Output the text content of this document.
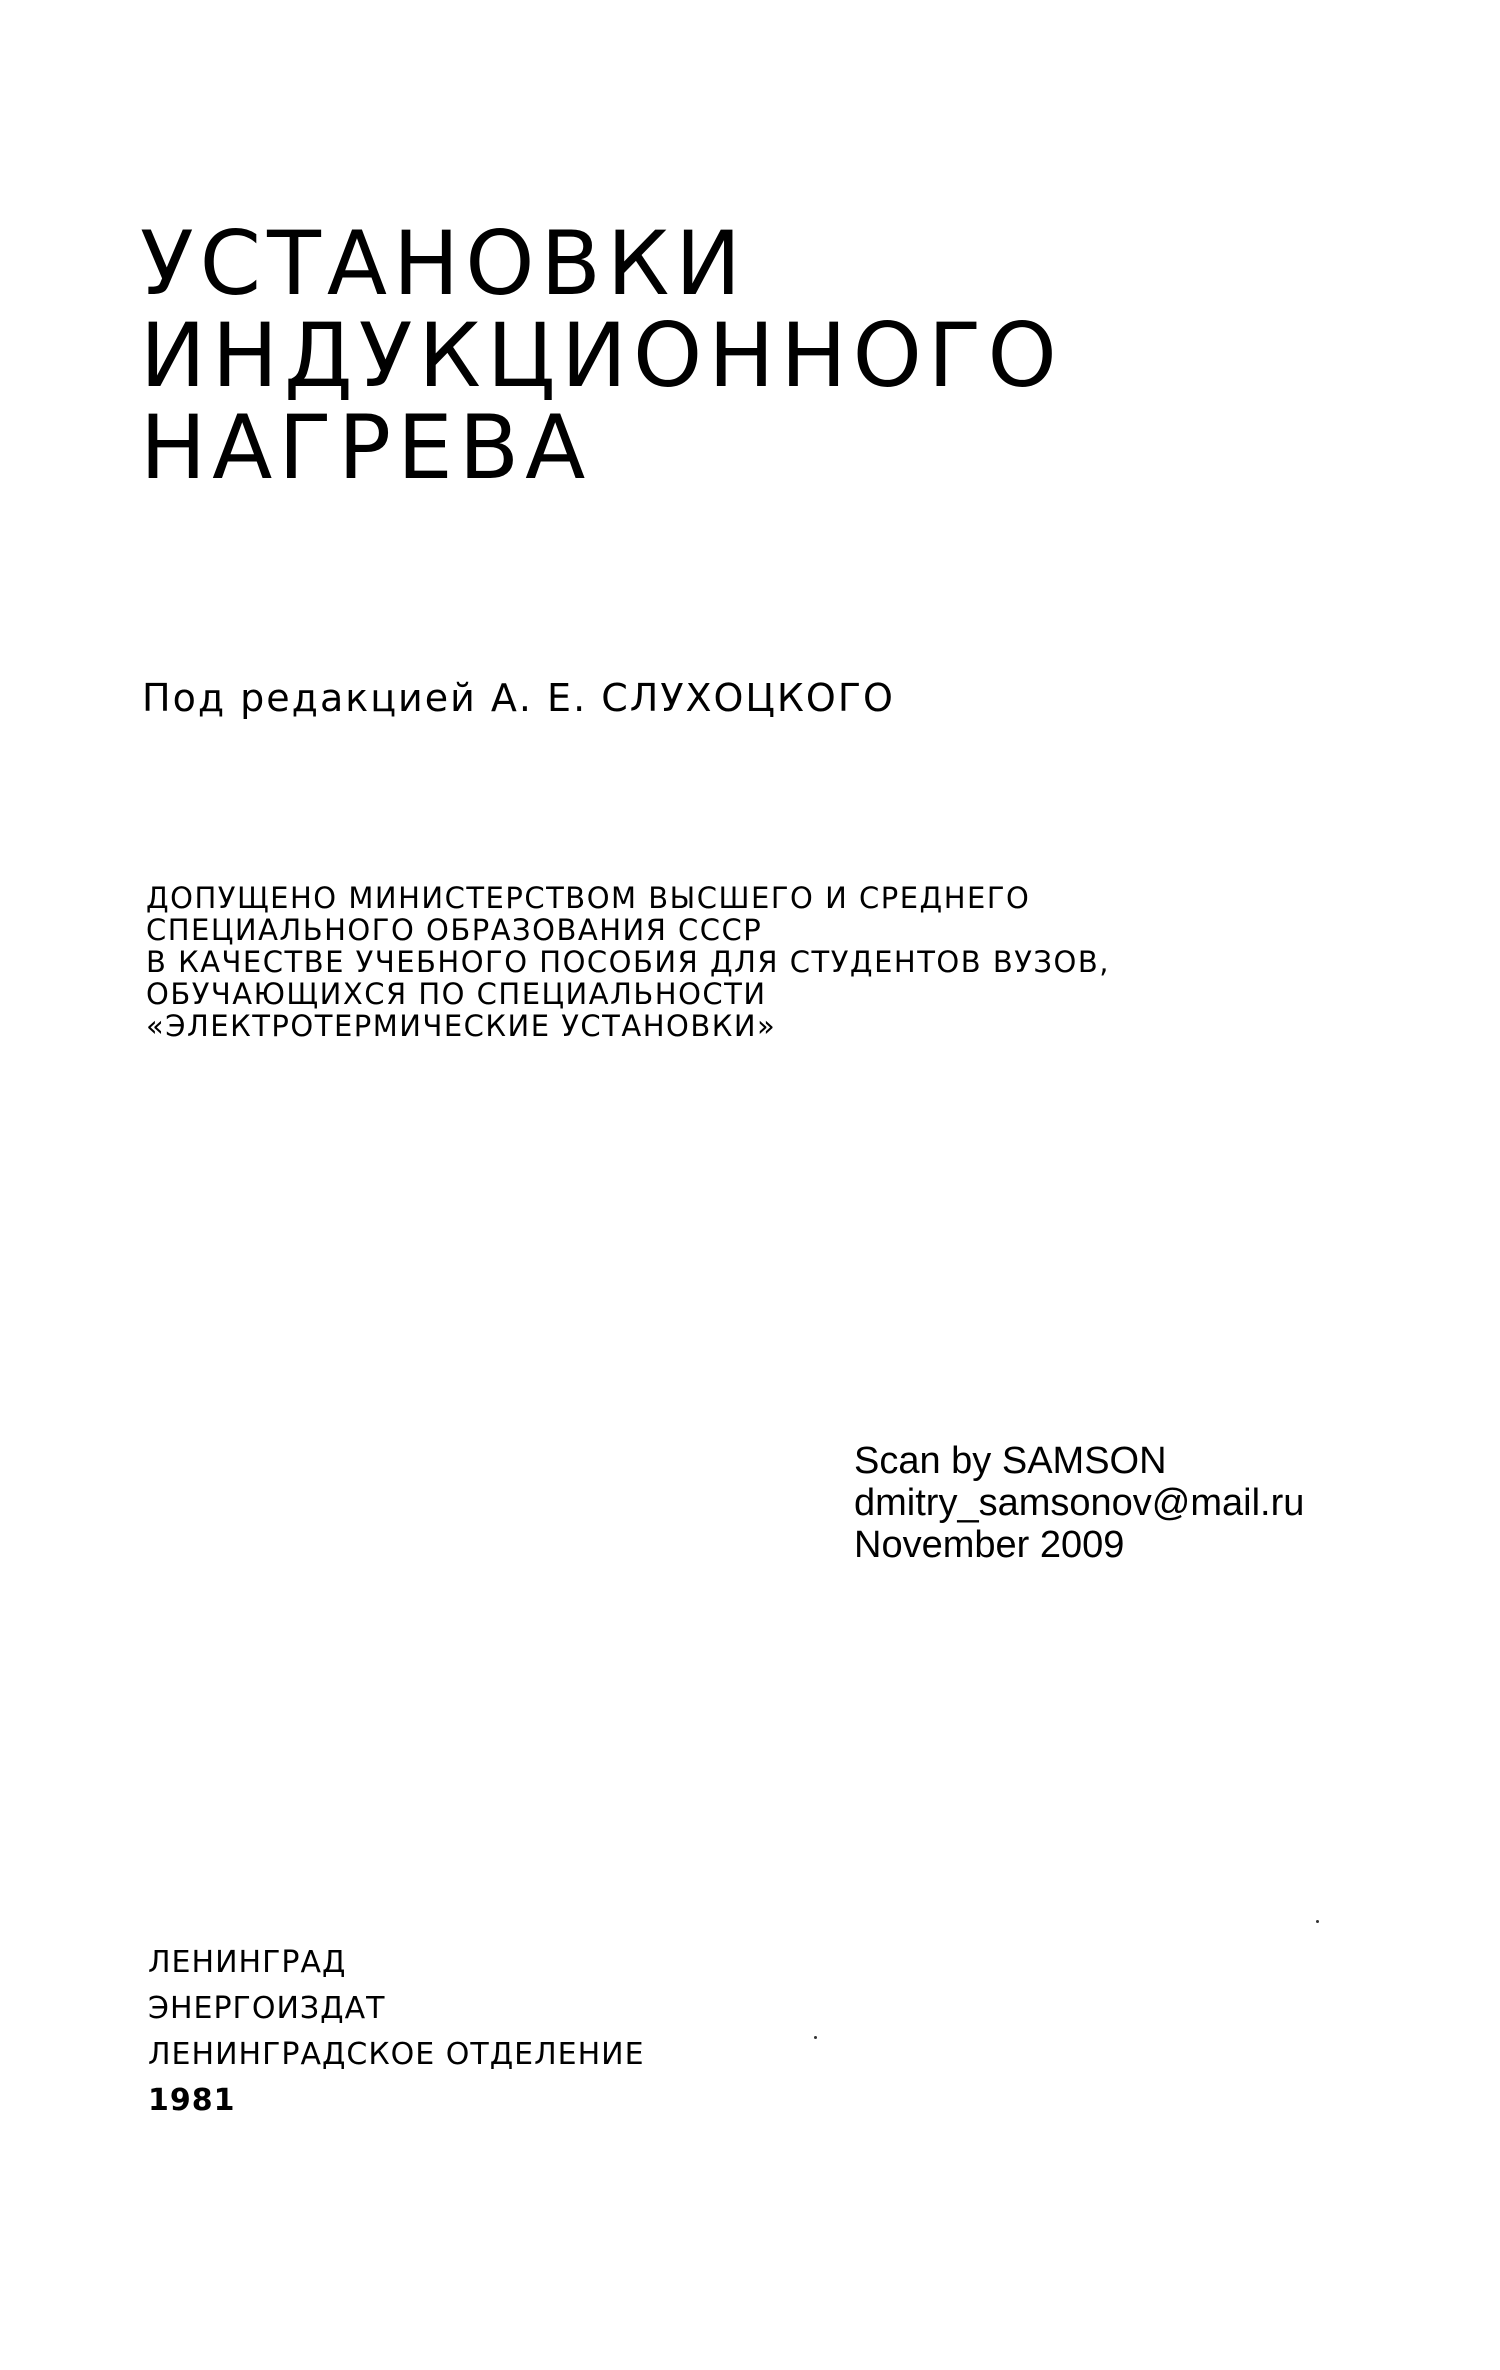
УСТАНОВКИ
ИНДУКЦИОННОГО
НАГРЕВА
Под редакцией А. Е. СЛУХОЦКОГО
ДОПУЩЕНО МИНИСТЕРСТВОМ ВЫСШЕГО И СРЕДНЕГО
СПЕЦИАЛЬНОГО ОБРАЗОВАНИЯ СССР
В КАЧЕСТВЕ УЧЕБНОГО ПОСОБИЯ ДЛЯ СТУДЕНТОВ ВУЗОВ,
ОБУЧАЮЩИХСЯ ПО СПЕЦИАЛЬНОСТИ
«ЭЛЕКТРОТЕРМИЧЕСКИЕ УСТАНОВКИ»
Scan by SAMSON
dmitry_samsonov@mail.ru
November 2009
ЛЕНИНГРАД
ЭНЕРГОИЗДАТ
ЛЕНИНГРАДСКОЕ ОТДЕЛЕНИЕ
1981
